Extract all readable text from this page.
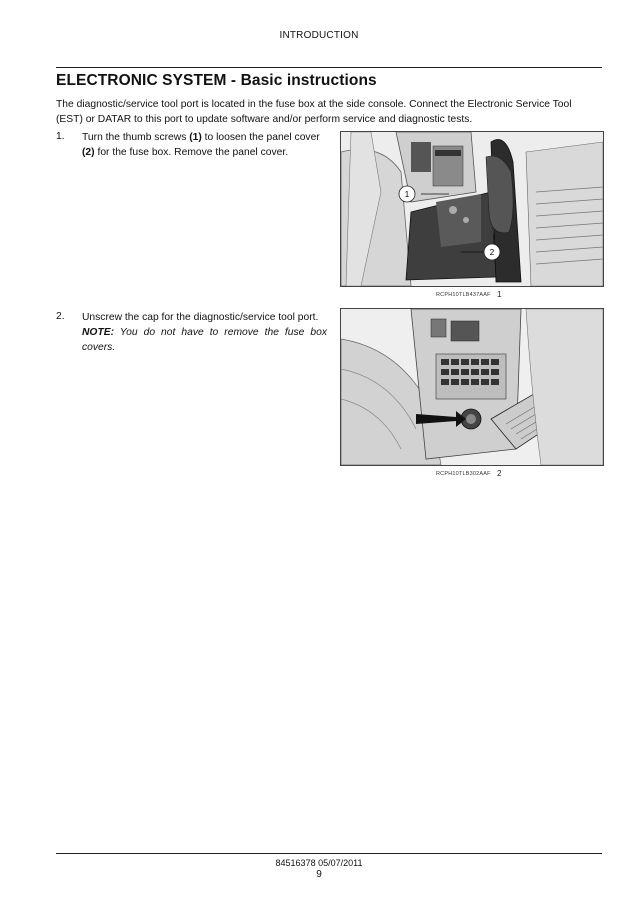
INTRODUCTION
ELECTRONIC SYSTEM - Basic instructions
The diagnostic/service tool port is located in the fuse box at the side console. Connect the Electronic Service Tool
(EST) or DATAR to this port to update software and/or perform service and diagnostic tests.
1. Turn the thumb screws (1) to loosen the panel cover
(2) for the fuse box. Remove the panel cover.
1
2
RCPH10TLB437AAF 1
2. Unscrew the cap for the diagnostic/service tool port.
NOTE: You do not have to remove the fuse box covers.
RCPH10TLB302AAF 2
84516378 05/07/2011
9
